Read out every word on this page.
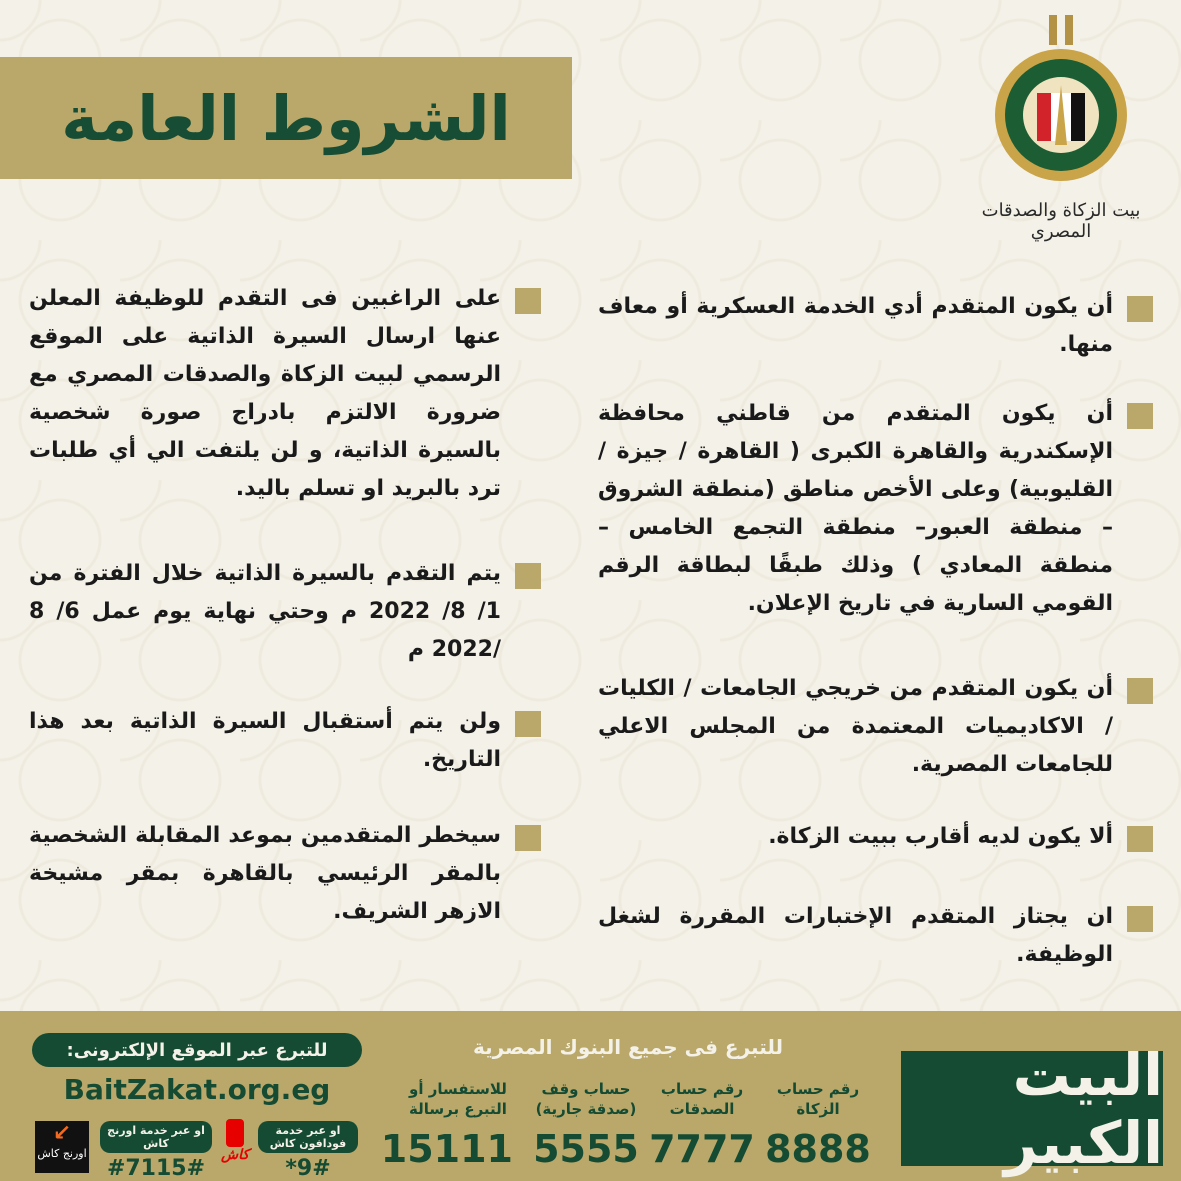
الشروط العامة
بيت الزكاة والصدقات المصري
أن يكون المتقدم أدي الخدمة العسكرية أو معاف منها.
أن يكون المتقدم من قاطني محافظة الإسكندرية والقاهرة الكبرى ( القاهرة / جيزة / القليوبية) وعلى الأخص مناطق (منطقة الشروق – منطقة العبور– منطقة التجمع الخامس – منطقة المعادي ) وذلك طبقًا لبطاقة الرقم القومي السارية في تاريخ الإعلان.
أن يكون المتقدم من خريجي الجامعات / الكليات / الاكاديميات المعتمدة من المجلس الاعلي للجامعات المصرية.
ألا يكون لديه أقارب ببيت الزكاة.
ان يجتاز المتقدم الإختبارات المقررة لشغل الوظيفة.
على الراغبين فى التقدم للوظيفة المعلن عنها ارسال السيرة الذاتية على الموقع الرسمي لبيت الزكاة والصدقات المصري مع ضرورة الالتزم بادراج صورة شخصية بالسيرة الذاتية، و لن يلتفت الي أي طلبات ترد بالبريد او تسلم باليد.
يتم التقدم بالسيرة الذاتية خلال الفترة من 1/ 8/ 2022 م وحتي نهاية يوم عمل 6/ 8 /2022 م
ولن يتم أستقبال السيرة الذاتية بعد هذا التاريخ.
سيخطر المتقدمين بموعد المقابلة الشخصية بالمقر الرئيسي بالقاهرة بمقر مشيخة الازهر الشريف.
البيت الكبير
للتبرع فى جميع البنوك المصرية
رقم حساب الزكاة
8888
رقم حساب الصدقات
7777
حساب وقف (صدقة جارية)
5555
للاستفسار أو التبرع برسالة
15111
للتبرع عبر الموقع الإلكترونى:
BaitZakat.org.eg
او عبر خدمة فودافون كاش
*9#
كاش
او عبر خدمة اورنج كاش
#7115#
↙
اورنج كاش
